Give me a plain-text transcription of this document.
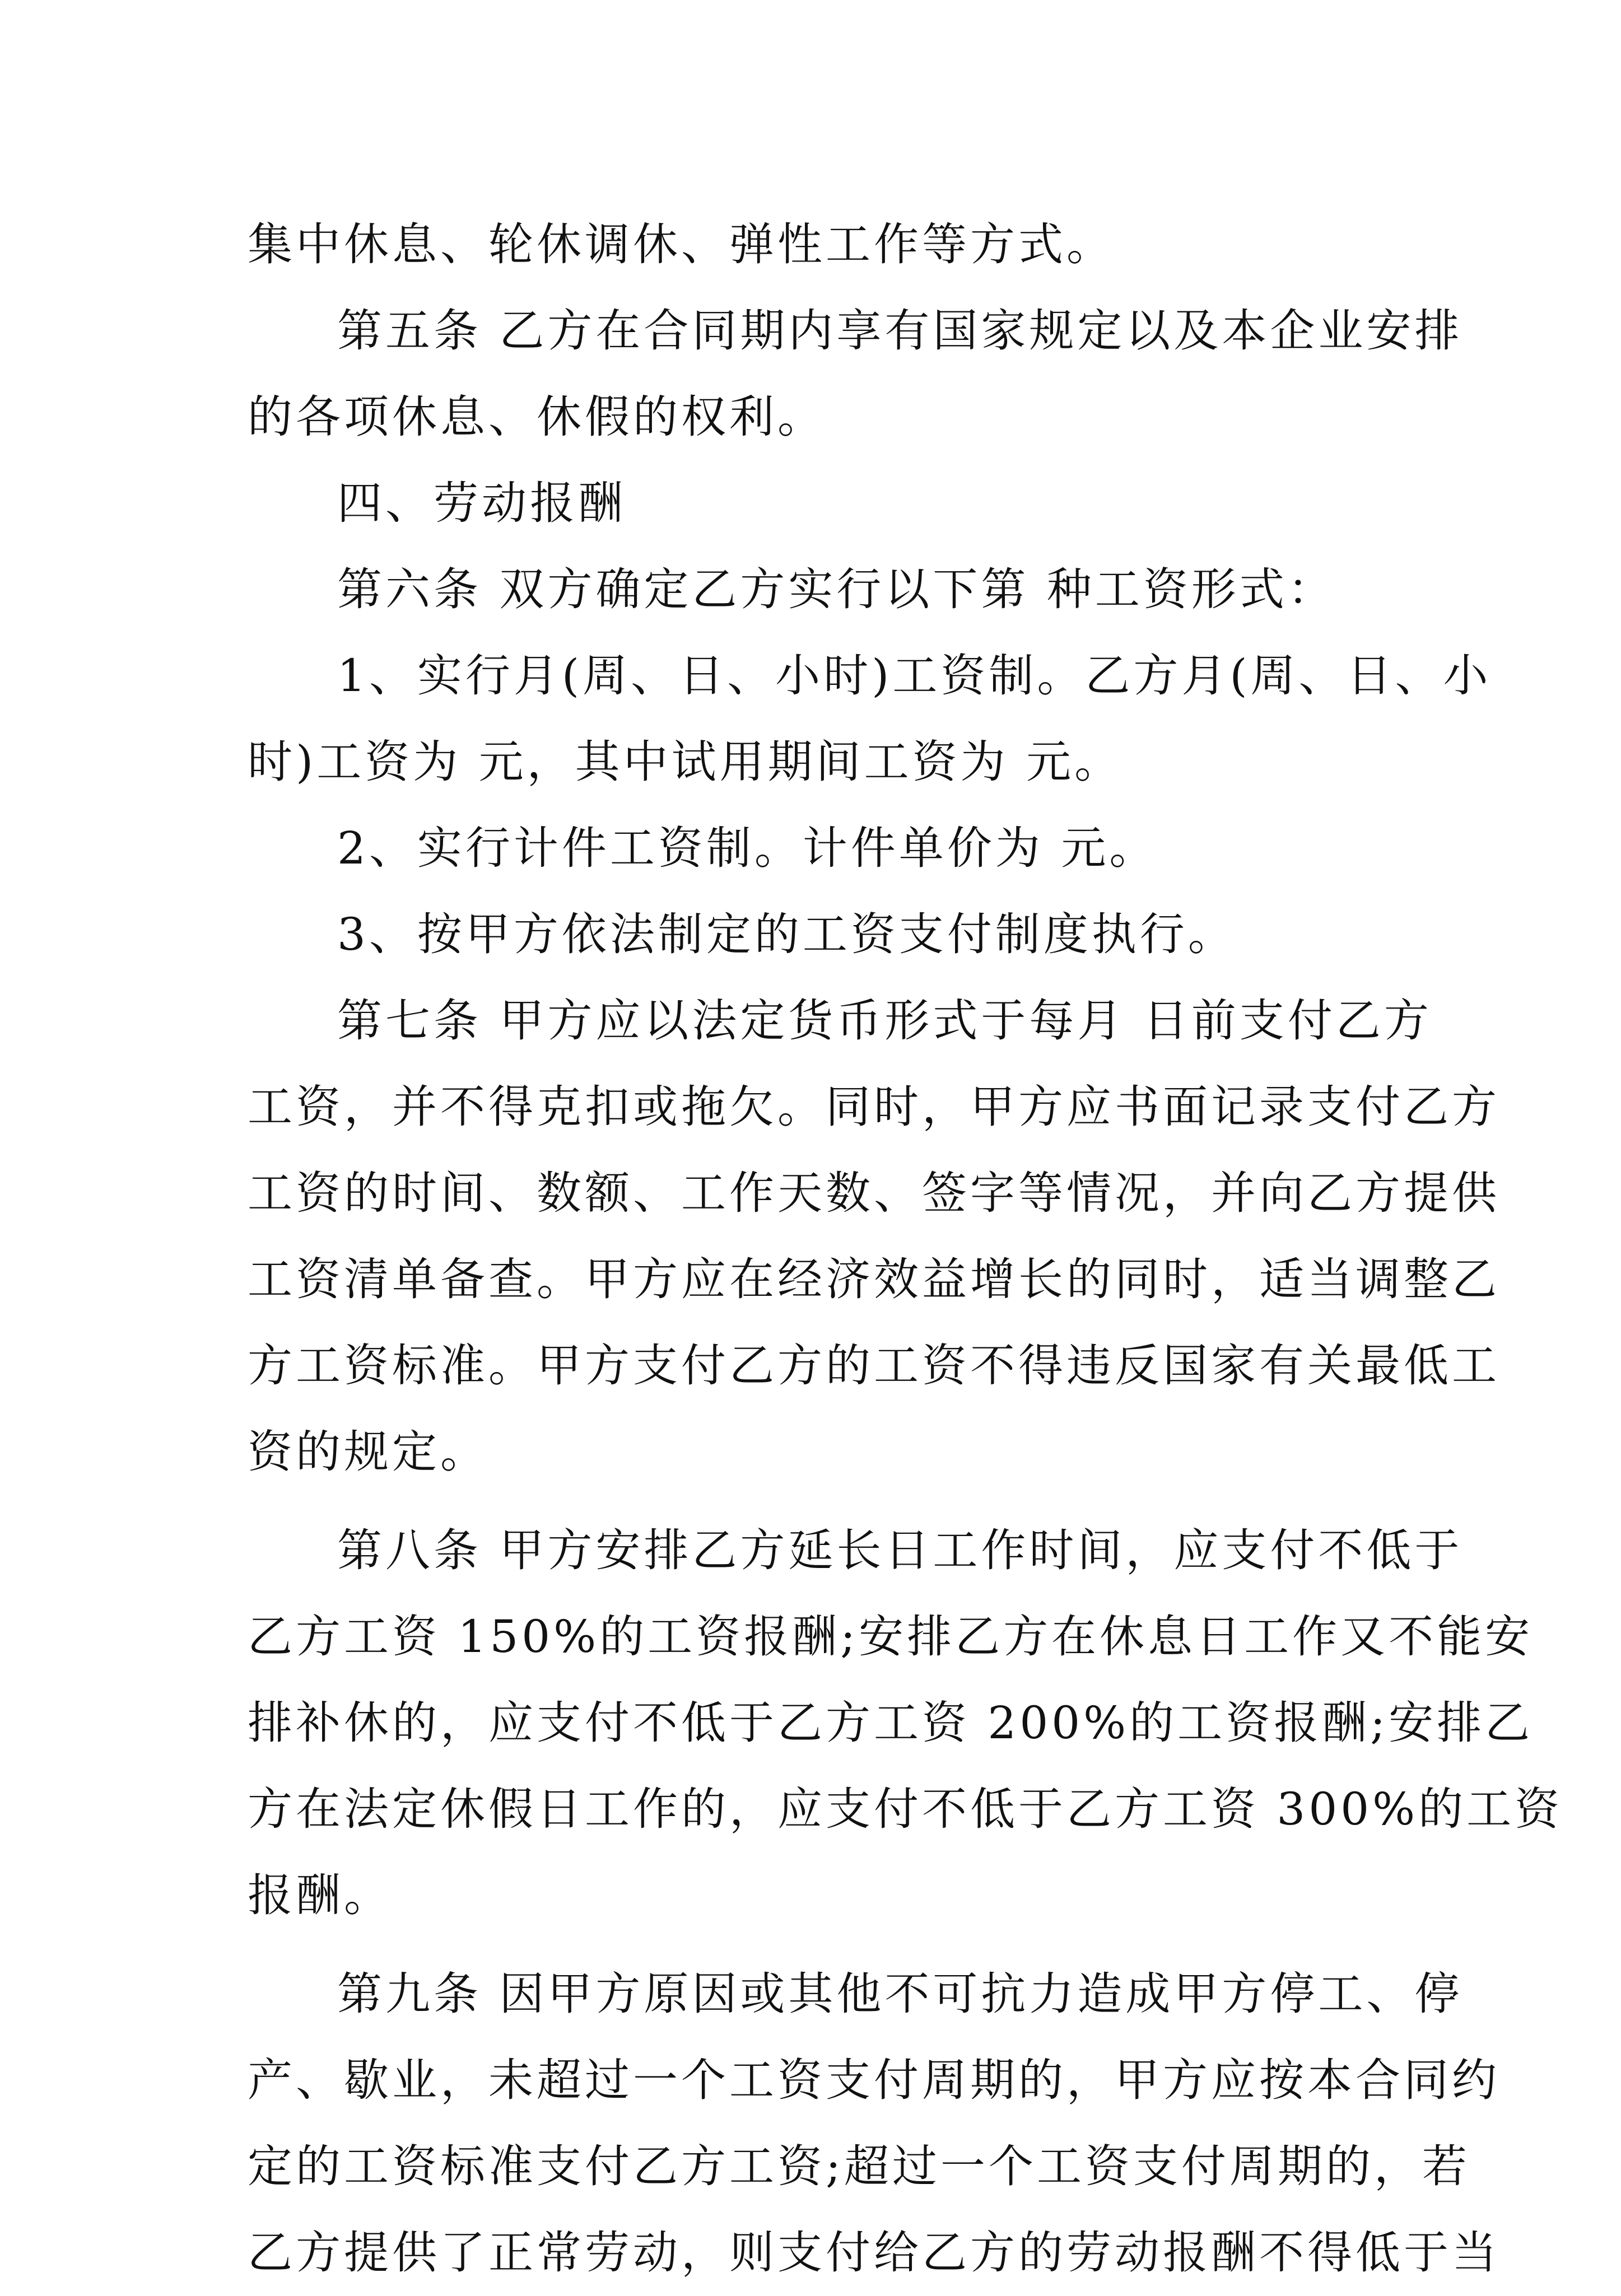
集中休息、轮休调休、弹性工作等方式。
第五条 乙方在合同期内享有国家规定以及本企业安排
的各项休息、休假的权利。
四、劳动报酬
第六条 双方确定乙方实行以下第 种工资形式：
1、实行月(周、日、小时)工资制。乙方月(周、日、小
时)工资为 元，其中试用期间工资为 元。
2、实行计件工资制。计件单价为 元。
3、按甲方依法制定的工资支付制度执行。
第七条 甲方应以法定货币形式于每月 日前支付乙方
工资，并不得克扣或拖欠。同时，甲方应书面记录支付乙方
工资的时间、数额、工作天数、签字等情况，并向乙方提供
工资清单备查。甲方应在经济效益增长的同时，适当调整乙
方工资标准。甲方支付乙方的工资不得违反国家有关最低工
资的规定。
第八条 甲方安排乙方延长日工作时间，应支付不低于
乙方工资 150%的工资报酬;安排乙方在休息日工作又不能安
排补休的，应支付不低于乙方工资 200%的工资报酬;安排乙
方在法定休假日工作的，应支付不低于乙方工资 300%的工资
报酬。
第九条 因甲方原因或其他不可抗力造成甲方停工、停
产、歇业，未超过一个工资支付周期的，甲方应按本合同约
定的工资标准支付乙方工资;超过一个工资支付周期的，若
乙方提供了正常劳动，则支付给乙方的劳动报酬不得低于当
